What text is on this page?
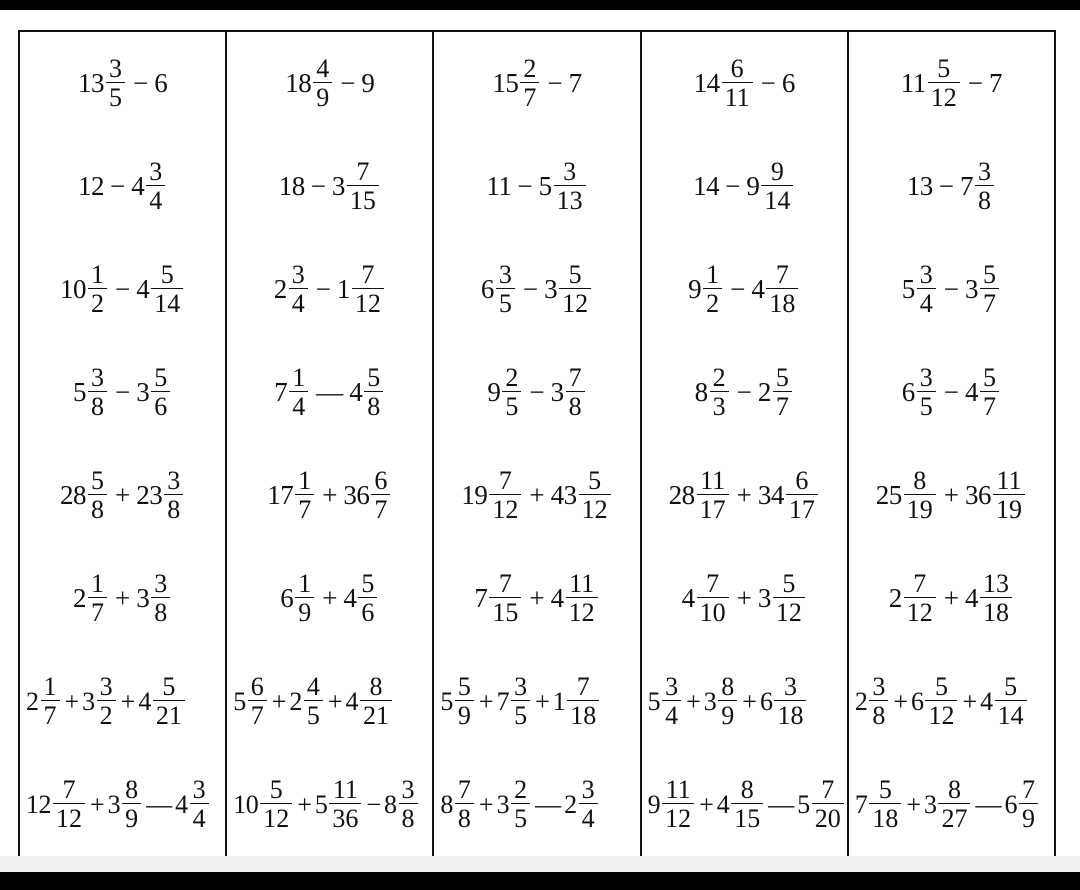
$13 \frac{3}{5} - 6$
$12 - 4 \frac{3}{4}$
$10 \frac{1}{2} - 4 \frac{5}{14}$
$5 \frac{3}{8} - 3 \frac{5}{6}$
$28 \frac{5}{8} + 23 \frac{3}{8}$
$2 \frac{1}{7} + 3 \frac{3}{8}$
$2 \frac{1}{7} + 3 \frac{3}{2} + 4 \frac{5}{21}$
$12 \frac{7}{12} + 3 \frac{8}{9}$ — $4 \frac{3}{4}$
$18 \frac{4}{9} - 9$
$18 - 3 \frac{7}{15}$
$2 \frac{3}{4} - 1 \frac{7}{12}$
$7 \frac{1}{4}$ — $4 \frac{5}{8}$
$17 \frac{1}{7} + 36 \frac{6}{7}$
$6 \frac{1}{9} + 4 \frac{5}{6}$
$5 \frac{6}{7} + 2 \frac{4}{5} + 4 \frac{8}{21}$
$10 \frac{5}{12} + 5 \frac{11}{36} - 8 \frac{3}{8}$
$15 \frac{2}{7} - 7$
$11 - 5 \frac{3}{13}$
$6 \frac{3}{5} - 3 \frac{5}{12}$
$9 \frac{2}{5} - 3 \frac{7}{8}$
$19 \frac{7}{12} + 43 \frac{5}{12}$
$7 \frac{7}{15} + 4 \frac{11}{12}$
$5 \frac{5}{9} + 7 \frac{3}{5} + 1 \frac{7}{18}$
$8 \frac{7}{8} + 3 \frac{2}{5}$ — $2 \frac{3}{4}$
$14 \frac{6}{11} - 6$
$14 - 9 \frac{9}{14}$
$9 \frac{1}{2} - 4 \frac{7}{18}$
$8 \frac{2}{3} - 2 \frac{5}{7}$
$28 \frac{11}{17} + 34 \frac{6}{17}$
$4 \frac{7}{10} + 3 \frac{5}{12}$
$5 \frac{3}{4} + 3 \frac{8}{9} + 6 \frac{3}{18}$
$9 \frac{11}{12} + 4 \frac{8}{15}$ — $5 \frac{7}{20}$
$11 \frac{5}{12} - 7$
$13 - 7 \frac{3}{8}$
$5 \frac{3}{4} - 3 \frac{5}{7}$
$6 \frac{3}{5} - 4 \frac{5}{7}$
$25 \frac{8}{19} + 36 \frac{11}{19}$
$2 \frac{7}{12} + 4 \frac{13}{18}$
$2 \frac{3}{8} + 6 \frac{5}{12} + 4 \frac{5}{14}$
$7 \frac{5}{18} + 3 \frac{8}{27}$ — $6 \frac{7}{9}$
